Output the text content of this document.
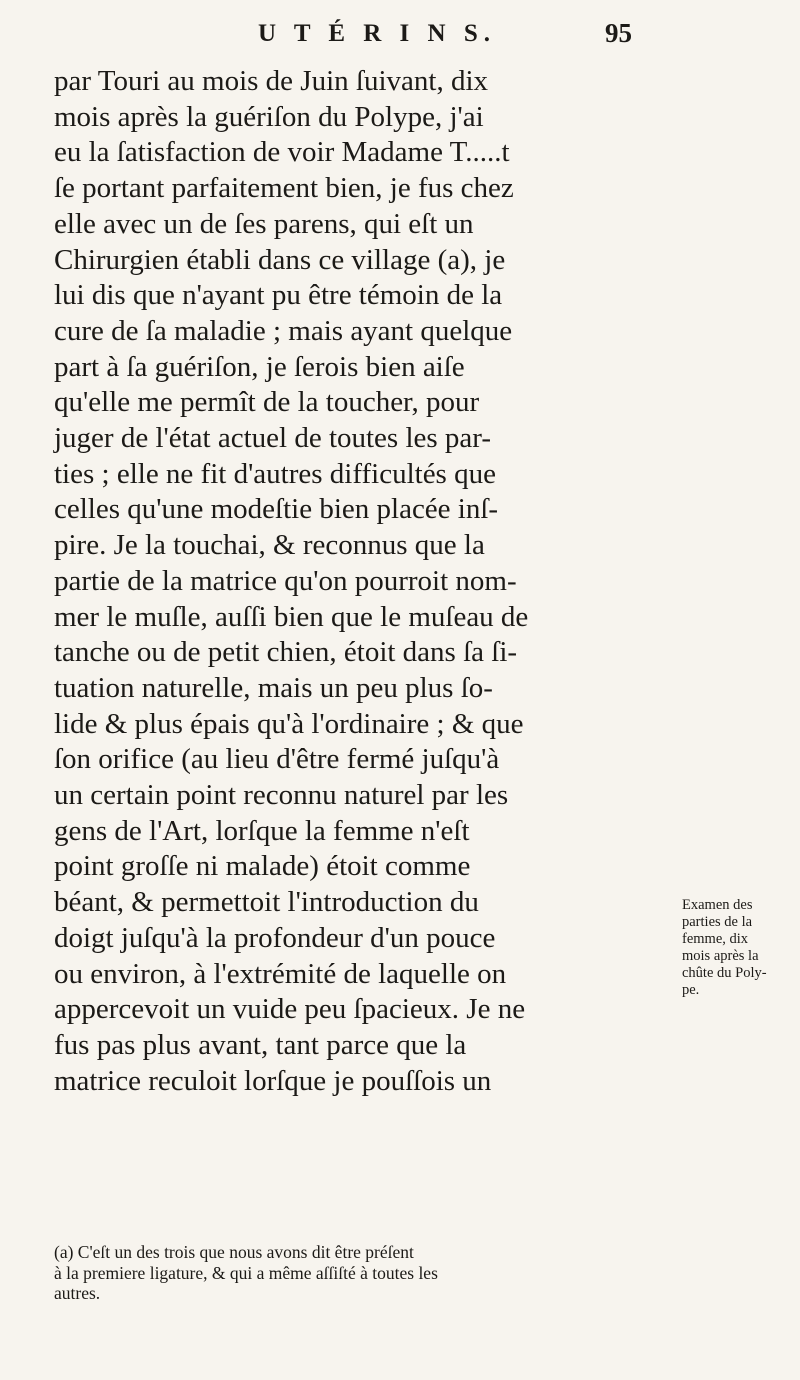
U T É R I N S.	95
par Touri au mois de Juin ſuivant, dix
mois après la guériſon du Polype, j'ai
eu la ſatisfaction de voir Madame T.....t
ſe portant parfaitement bien, je fus chez
elle avec un de ſes parens, qui eſt un
Chirurgien établi dans ce village (a), je
lui dis que n'ayant pu être témoin de la
cure de ſa maladie ; mais ayant quelque
part à ſa guériſon, je ſerois bien aiſe
qu'elle me permît de la toucher, pour
juger de l'état actuel de toutes les par-
ties ; elle ne fit d'autres difficultés que
celles qu'une modeſtie bien placée inſ-
pire. Je la touchai, & reconnus que la
partie de la matrice qu'on pourroit nom-
mer le muſle, auſſi bien que le muſeau de
tanche ou de petit chien, étoit dans ſa ſi-
tuation naturelle, mais un peu plus ſo-
lide & plus épais qu'à l'ordinaire ; & que
ſon orifice (au lieu d'être fermé juſqu'à
un certain point reconnu naturel par les
gens de l'Art, lorſque la femme n'eſt
point groſſe ni malade) étoit comme
béant, & permettoit l'introduction du
doigt juſqu'à la profondeur d'un pouce
ou environ, à l'extrémité de laquelle on
appercevoit un vuide peu ſpacieux. Je ne
fus pas plus avant, tant parce que la
matrice reculoit lorſque je pouſſois un
Examen des
parties de la
femme, dix
mois après la
chûte du Poly-
pe.
(a) C'eſt un des trois que nous avons dit être préſent
à la premiere ligature, & qui a même aſſiſté à toutes les
autres.
